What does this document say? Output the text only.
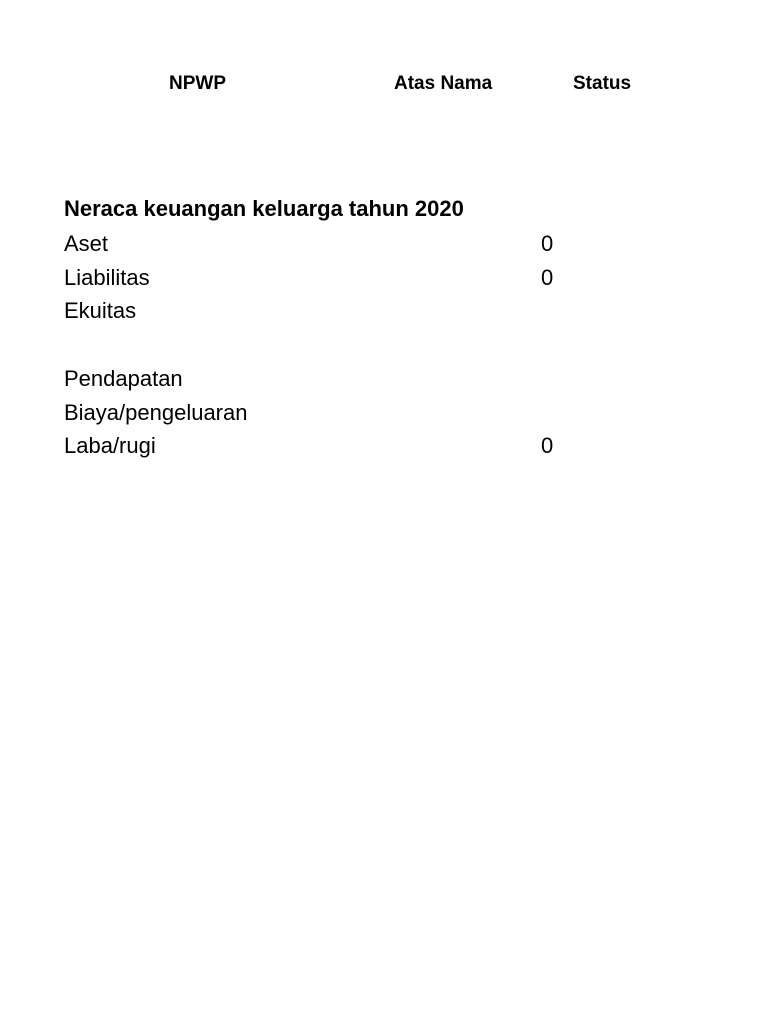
NPWP	Atas Nama	Status
Neraca keuangan keluarga tahun 2020
Aset	0
Liabilitas	0
Ekuitas
Pendapatan
Biaya/pengeluaran
Laba/rugi	0
